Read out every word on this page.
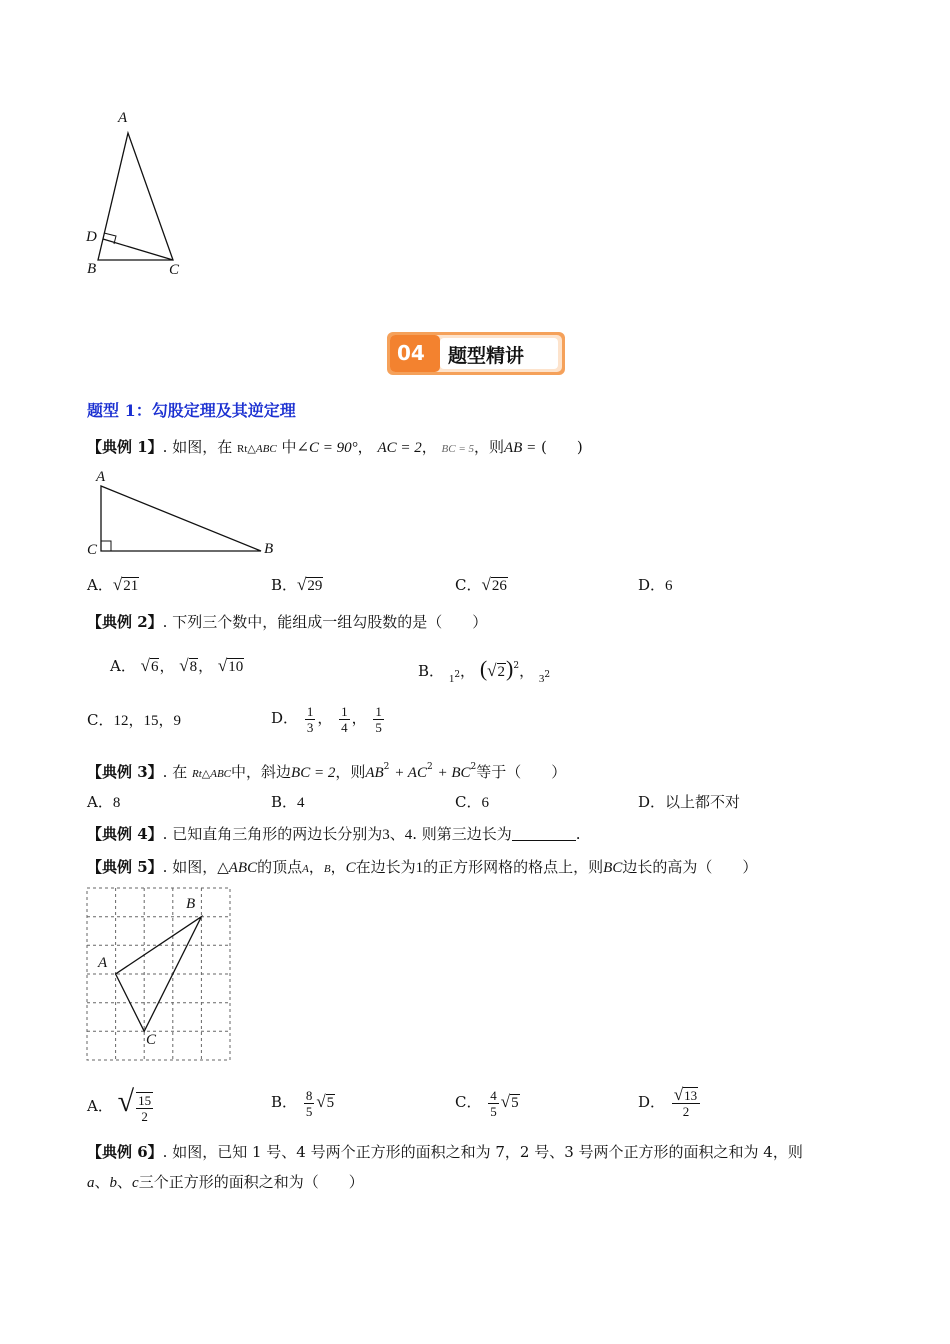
A
D
B	C
04 题型精讲
题型 1：勾股定理及其逆定理
【典例 1】. 如图，在 Rt△ABC 中∠C = 90°， AC = 2， BC = 5，则AB = (　　)
A
C	B
A．√21	B．√29	C．√26	D．6
【典例 2】. 下列三个数中，能组成一组勾股数的是（　　）
A． √6， √8， √10	B． $_1$2， $(√2)^2$， $_3$2
C．12，15，9	D． $\frac{1}{3}$ ， $\frac{1}{4}$ ， $\frac{1}{5}$
【典例 3】. 在 Rt△ABC中，斜边BC = 2，则$AB^2 + AC^2 + BC^2$等于（　　）
A．8	B．4	C．6	D．以上都不对
【典例 4】. 已知直角三角形的两边长分别为3、4. 则第三边长为	.
【典例 5】. 如图，△ABC的顶点A，B，C在边长为1的正方形网格的格点上，则BC边长的高为（　　）
B
A
C
A． √ $\frac{15}{2}$	B． $\frac{8}{5} √5$	C． $\frac{4}{5} √5$	D． $\frac{√13}{2}$
【典例 6】. 如图，已知 1 号、4 号两个正方形的面积之和为 7，2 号、3 号两个正方形的面积之和为 4，则
a、b、c三个正方形的面积之和为（　　）
